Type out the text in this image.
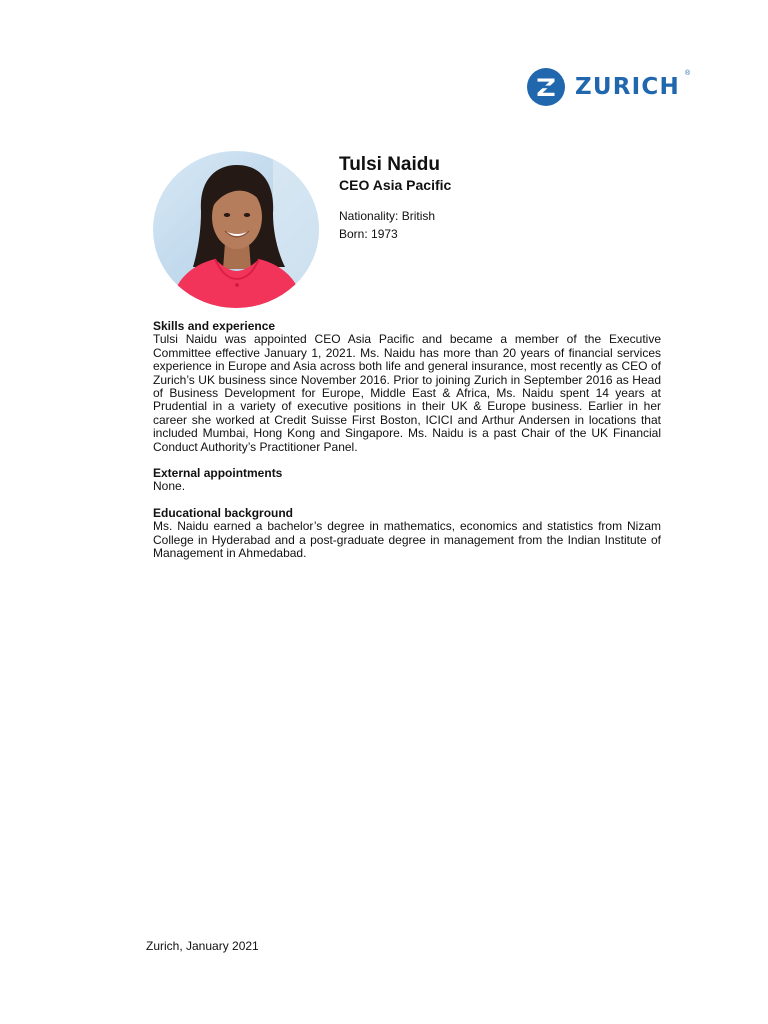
ZURICH
®
Tulsi Naidu
CEO Asia Pacific
Nationality: British
Born: 1973
Skills and experience
Tulsi Naidu was appointed CEO Asia Pacific and became a member of the Executive Committee effective January 1, 2021. Ms. Naidu has more than 20 years of financial services experience in Europe and Asia across both life and general insurance, most recently as CEO of Zurich’s UK business since November 2016. Prior to joining Zurich in September 2016 as Head of Business Development for Europe, Middle East & Africa, Ms. Naidu spent 14 years at Prudential in a variety of executive positions in their UK & Europe business. Earlier in her career she worked at Credit Suisse First Boston, ICICI and Arthur Andersen in locations that included Mumbai, Hong Kong and Singapore. Ms. Naidu is a past Chair of the UK Financial Conduct Authority’s Practitioner Panel.
External appointments
None.
Educational background
Ms. Naidu earned a bachelor’s degree in mathematics, economics and statistics from Nizam College in Hyderabad and a post-graduate degree in management from the Indian Institute of Management in Ahmedabad.
Zurich, January 2021
